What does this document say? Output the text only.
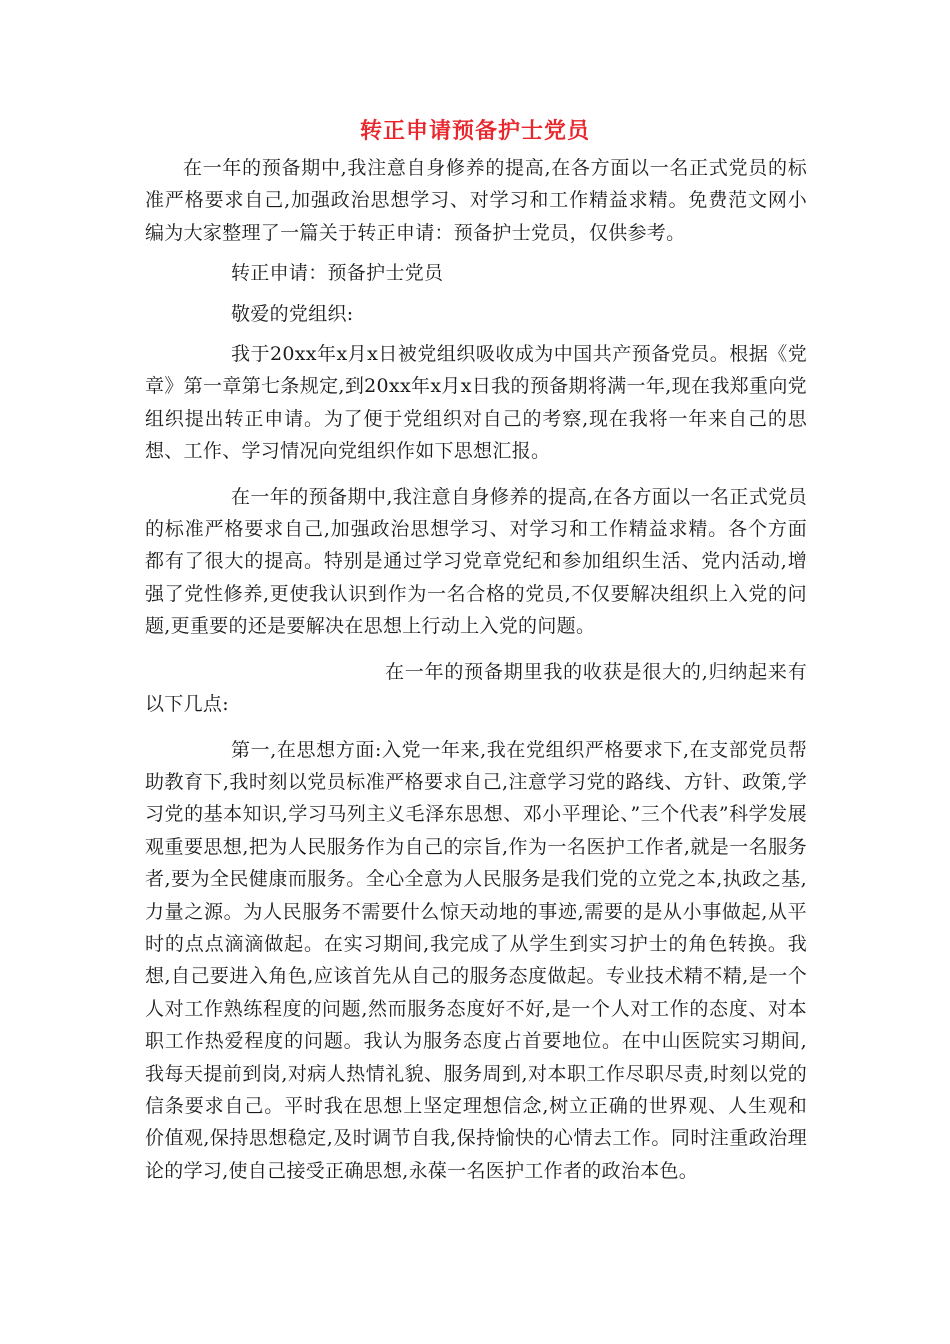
转正申请预备护士党员

在一年的预备期中,我注意自身修养的提高,在各方面以一名正式党员的标准严格要求自己,加强政治思想学习、对学习和工作精益求精。免费范文网小编为大家整理了一篇关于转正申请：预备护士党员，仅供参考。

转正申请：预备护士党员

敬爱的党组织:

我于20xx年x月x日被党组织吸收成为中国共产预备党员。根据《党章》第一章第七条规定,到20xx年x月x日我的预备期将满一年,现在我郑重向党组织提出转正申请。为了便于党组织对自己的考察,现在我将一年来自己的思想、工作、学习情况向党组织作如下思想汇报。

在一年的预备期中,我注意自身修养的提高,在各方面以一名正式党员的标准严格要求自己,加强政治思想学习、对学习和工作精益求精。各个方面都有了很大的提高。特别是通过学习党章党纪和参加组织生活、党内活动,增强了党性修养,更使我认识到作为一名合格的党员,不仅要解决组织上入党的问题,更重要的还是要解决在思想上行动上入党的问题。

在一年的预备期里我的收获是很大的,归纳起来有以下几点:

第一,在思想方面:入党一年来,我在党组织严格要求下,在支部党员帮助教育下,我时刻以党员标准严格要求自己,注意学习党的路线、方针、政策,学习党的基本知识,学习马列主义毛泽东思想、邓小平理论、”三个代表”科学发展观重要思想,把为人民服务作为自己的宗旨,作为一名医护工作者,就是一名服务者,要为全民健康而服务。全心全意为人民服务是我们党的立党之本,执政之基,力量之源。为人民服务不需要什么惊天动地的事迹,需要的是从小事做起,从平时的点点滴滴做起。在实习期间,我完成了从学生到实习护士的角色转换。我想,自己要进入角色,应该首先从自己的服务态度做起。专业技术精不精,是一个人对工作熟练程度的问题,然而服务态度好不好,是一个人对工作的态度、对本职工作热爱程度的问题。我认为服务态度占首要地位。在中山医院实习期间,我每天提前到岗,对病人热情礼貌、服务周到,对本职工作尽职尽责,时刻以党的信条要求自己。平时我在思想上坚定理想信念,树立正确的世界观、人生观和价值观,保持思想稳定,及时调节自我,保持愉快的心情去工作。同时注重政治理论的学习,使自己接受正确思想,永葆一名医护工作者的政治本色。
